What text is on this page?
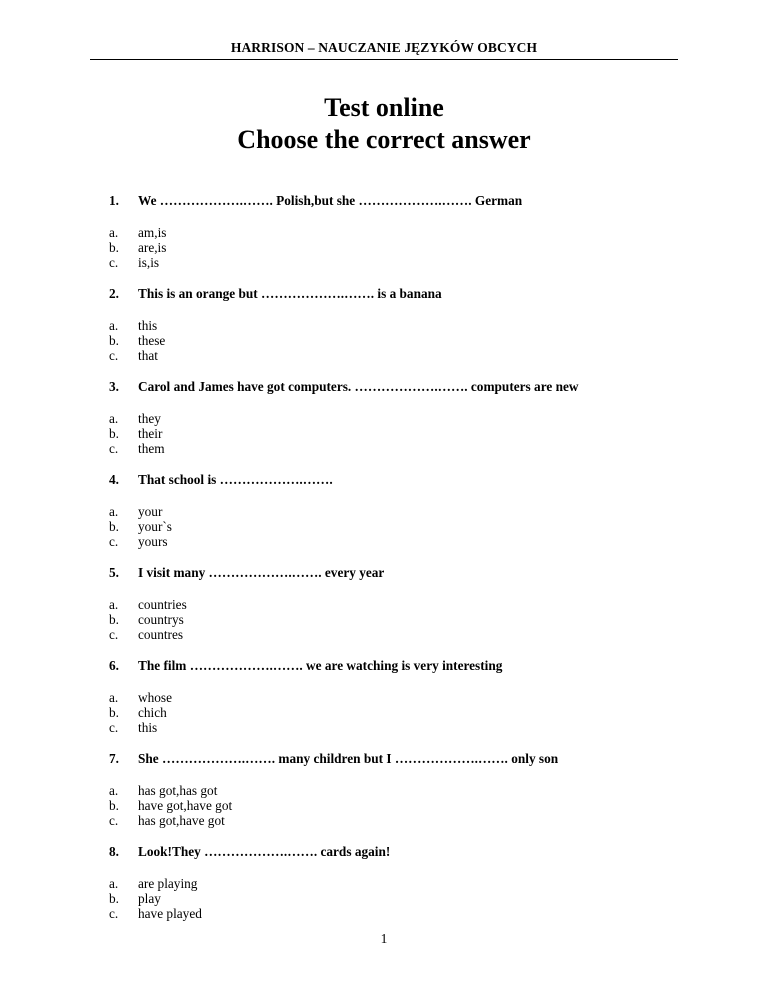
HARRISON – NAUCZANIE JĘZYKÓW OBCYCH
Test online
Choose the correct answer
1.	We ……………….……. Polish,but she ……………….……. German
a.	am,is
b.	are,is
c.	is,is
2.	This is an orange but ……………….……. is a banana
a.	this
b.	these
c.	that
3.	Carol and James have got computers. ……………….……. computers are new
a.	they
b.	their
c.	them
4.	That school is ……………….…….
a.	your
b.	your`s
c.	yours
5.	I visit many ……………….……. every year
a.	countries
b.	countrys
c.	countres
6.	The film ……………….……. we are watching is very interesting
a.	whose
b.	chich
c.	this
7.	She ……………….……. many children but I ……………….……. only son
a.	has got,has got
b.	have got,have got
c.	has got,have got
8.	Look!They ……………….……. cards again!
a.	are playing
b.	play
c.	have played
1
